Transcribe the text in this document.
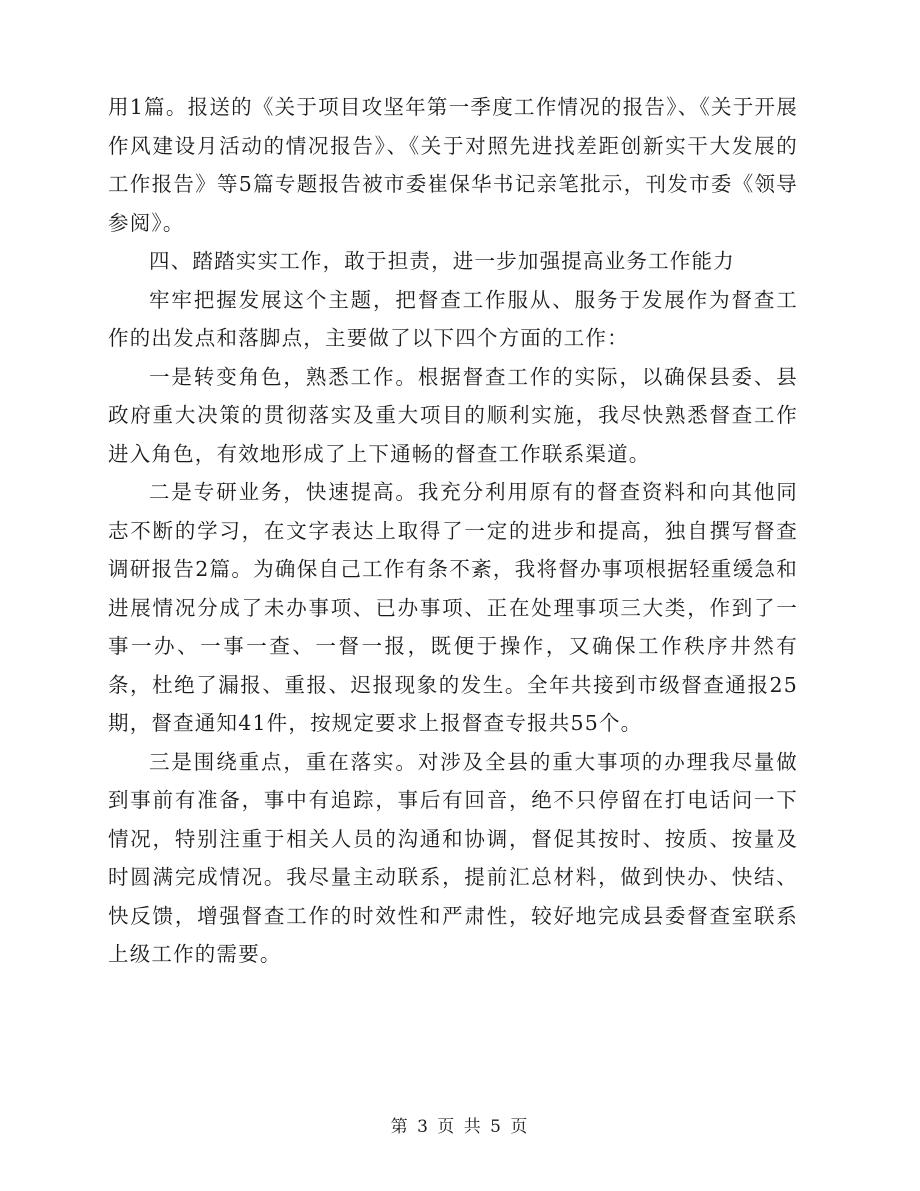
用1篇。报送的《关于项目攻坚年第一季度工作情况的报告》、《关于开展作风建设月活动的情况报告》、《关于对照先进找差距创新实干大发展的工作报告》等5篇专题报告被市委崔保华书记亲笔批示，刊发市委《领导参阅》。

四、踏踏实实工作，敢于担责，进一步加强提高业务工作能力

牢牢把握发展这个主题，把督查工作服从、服务于发展作为督查工作的出发点和落脚点，主要做了以下四个方面的工作：

一是转变角色，熟悉工作。根据督查工作的实际，以确保县委、县政府重大决策的贯彻落实及重大项目的顺利实施，我尽快熟悉督查工作进入角色，有效地形成了上下通畅的督查工作联系渠道。

二是专研业务，快速提高。我充分利用原有的督查资料和向其他同志不断的学习，在文字表达上取得了一定的进步和提高，独自撰写督查调研报告2篇。为确保自己工作有条不紊，我将督办事项根据轻重缓急和进展情况分成了未办事项、已办事项、正在处理事项三大类，作到了一事一办、一事一查、一督一报，既便于操作，又确保工作秩序井然有条，杜绝了漏报、重报、迟报现象的发生。全年共接到市级督查通报25期，督查通知41件，按规定要求上报督查专报共55个。

三是围绕重点，重在落实。对涉及全县的重大事项的办理我尽量做到事前有准备，事中有追踪，事后有回音，绝不只停留在打电话问一下情况，特别注重于相关人员的沟通和协调，督促其按时、按质、按量及时圆满完成情况。我尽量主动联系，提前汇总材料，做到快办、快结、快反馈，增强督查工作的时效性和严肃性，较好地完成县委督查室联系上级工作的需要。

第 3 页 共 5 页
